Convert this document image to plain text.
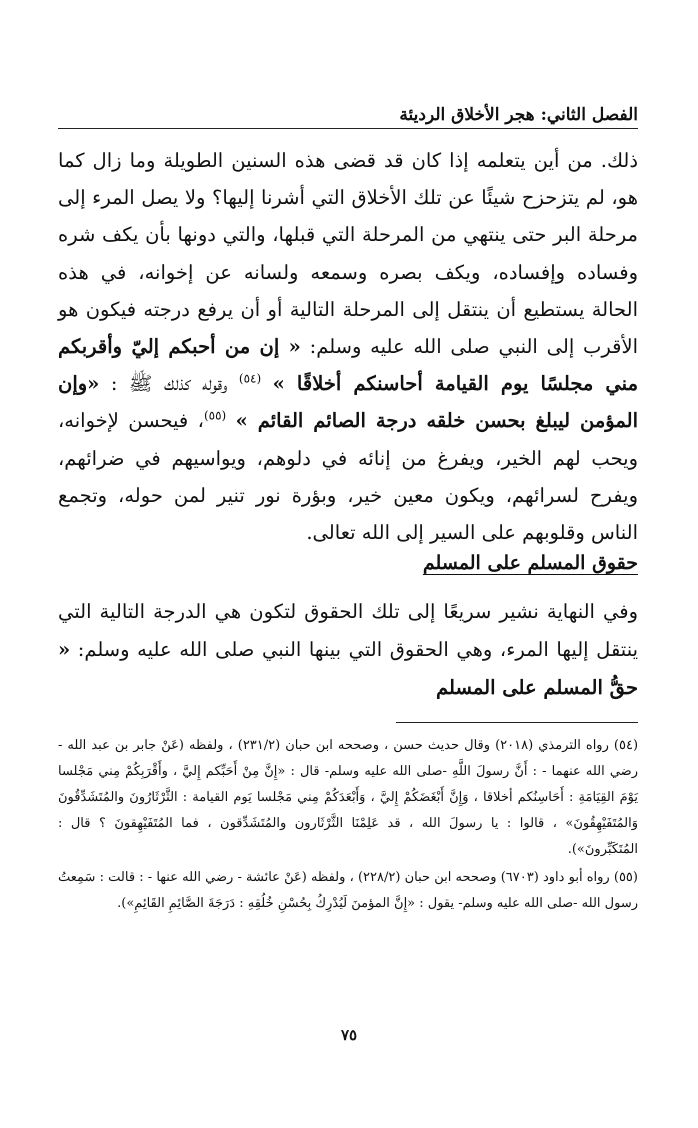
الفصل الثاني: هجر الأخلاق الرديئة

ذلك. من أين يتعلمه إذا كان قد قضى هذه السنين الطويلة وما زال كما هو، لم يتزحزح شيئًا عن تلك الأخلاق التي أشرنا إليها؟ ولا يصل المرء إلى مرحلة البر حتى ينتهي من المرحلة التي قبلها، والتي دونها بأن يكف شره وفساده وإفساده، ويكف بصره وسمعه ولسانه عن إخوانه، في هذه الحالة يستطيع أن ينتقل إلى المرحلة التالية أو أن يرفع درجته فيكون هو الأقرب إلى النبي صلى الله عليه وسلم: « إن من أحبكم إليّ وأقربكم مني مجلسًا يوم القيامة أحاسنكم أخلاقًا » $^{(٥٤)}$ وقوله كذلك ﷺ : «وإن المؤمن ليبلغ بحسن خلقه درجة الصائم القائم » $^{(٥٥)}$، فيحسن لإخوانه، ويحب لهم الخير، ويفرغ من إنائه في دلوهم، ويواسيهم في ضرائهم، ويفرح لسرائهم، ويكون معين خير، وبؤرة نور تنير لمن حوله، وتجمع الناس وقلوبهم على السير إلى الله تعالى.

حقوق المسلم على المسلم

وفي النهاية نشير سريعًا إلى تلك الحقوق لتكون هي الدرجة التالية التي ينتقل إليها المرء، وهي الحقوق التي بينها النبي صلى الله عليه وسلم: « حقُّ المسلم على المسلم

(٥٤) رواه الترمذي (٢٠١٨) وقال حديث حسن ، وصححه ابن حبان (٢٣١/٢) ، ولفظه (عَنْ جابر بن عبد الله - رضي الله عنهما - : أَنَّ رسولَ اللَّهِ -صلى الله عليه وسلم- قال : «إِنَّ مِنْ أَحَبِّكم إِليَّ ، وأَقْرَبِكُمْ مِني مَجْلسا يَوْمَ القِيَامَةِ : أَحَاسِنُكم أخلاقا ، وَإِنَّ أَبْغَضَكُمْ إِليَّ ، وَأَبْعَدَكُمْ مِني مَجْلسا يَوم القيامة : الثَّرْثَارُونَ والمُتَشَدِّقُونَ وَالمُتَفَيْهِقُونَ» ، قالوا : يا رسولَ الله ، قد عَلِمْنَا الثَّرْثَارون والمُتَشَدِّقون ، فما المُتَفَيْهِقونَ ؟ قال : المُتَكَبِّرونَ»).

(٥٥) رواه أبو داود (٦٧٠٣) وصححه ابن حبان (٢٢٨/٢) ، ولفظه (عَنْ عائشة - رضي الله عنها - : قالت : سَمِعتُ رسول الله -صلى الله عليه وسلم- يقول : «إِنَّ المؤمنَ لَيُدْرِكُ بِحُسْنِ خُلُقِهِ : دَرَجَةَ الصَّائِمِ القَائِمِ»).

٧٥
